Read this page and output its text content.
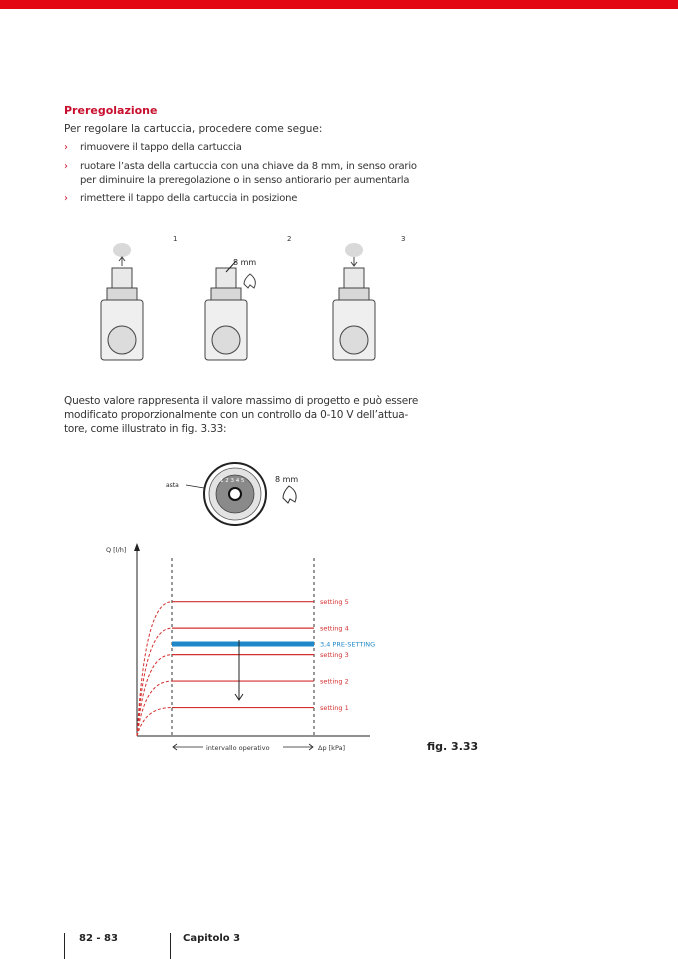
Preregolazione
Per regolare la cartuccia, procedere come segue:
› rimuovere il tappo della cartuccia
› ruotare l’asta della cartuccia con una chiave da 8 mm, in senso orario
per diminuire la preregolazione o in senso antiorario per aumentarla
› rimettere il tappo della cartuccia in posizione
1	2	3
8 mm
Questo valore rappresenta il valore massimo di progetto e può essere
modificato proporzionalmente con un controllo da 0-10 V dell’attua-
tore, come illustrato in fig. 3.33:
asta
1 2 3 4 5	8 mm
Q [l/h]
setting 5
setting 4
3,4 PRE-SETTING
setting 3
setting 2
setting 1
intervallo operativo	Δp [kPa]	fig. 3.33
82 - 83	Capitolo 3
